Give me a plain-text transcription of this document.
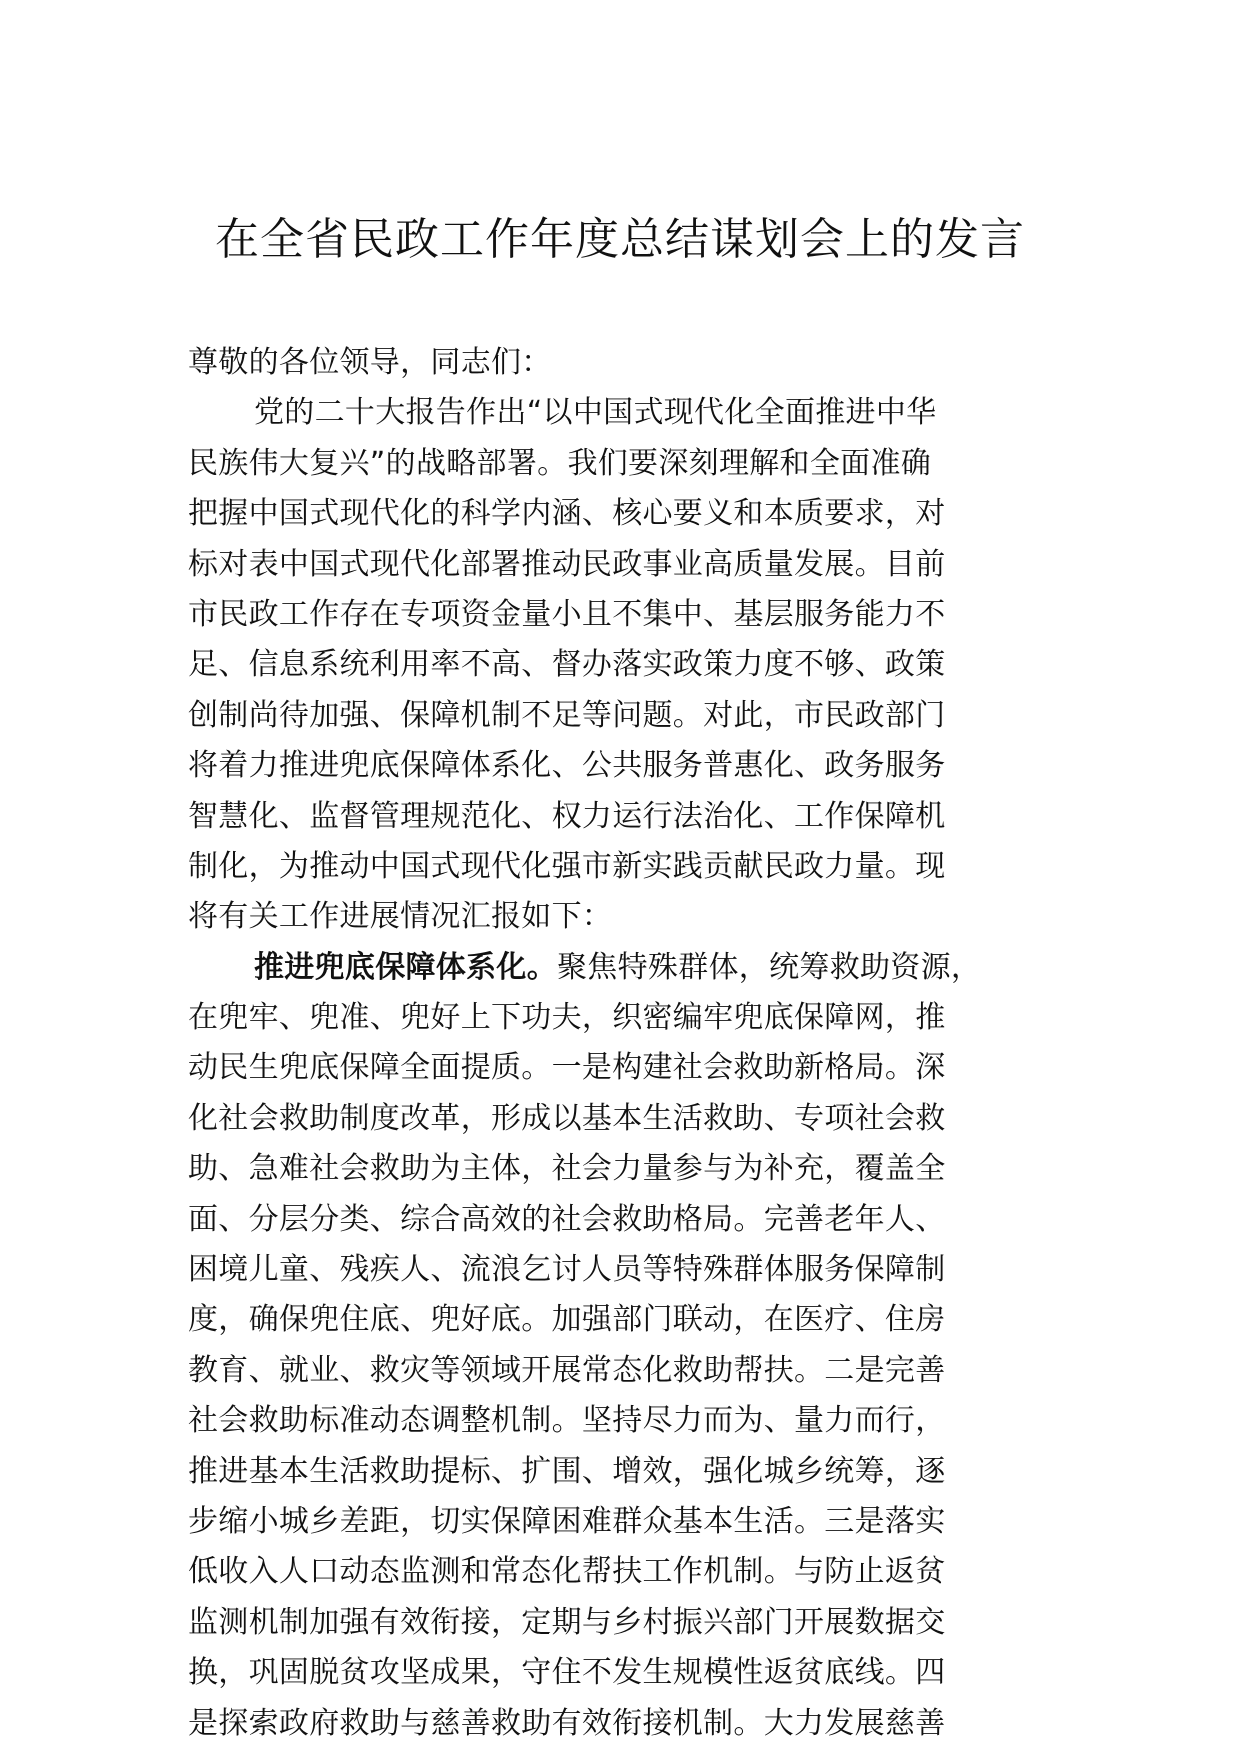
在全省民政工作年度总结谋划会上的发言
尊敬的各位领导，同志们：
党的二十大报告作出“以中国式现代化全面推进中华
民族伟大复兴”的战略部署。我们要深刻理解和全面准确
把握中国式现代化的科学内涵、核心要义和本质要求，对
标对表中国式现代化部署推动民政事业高质量发展。目前
市民政工作存在专项资金量小且不集中、基层服务能力不
足、信息系统利用率不高、督办落实政策力度不够、政策
创制尚待加强、保障机制不足等问题。对此，市民政部门
将着力推进兜底保障体系化、公共服务普惠化、政务服务
智慧化、监督管理规范化、权力运行法治化、工作保障机
制化，为推动中国式现代化强市新实践贡献民政力量。现
将有关工作进展情况汇报如下：
推进兜底保障体系化。聚焦特殊群体，统筹救助资源，
在兜牢、兜准、兜好上下功夫，织密编牢兜底保障网，推
动民生兜底保障全面提质。一是构建社会救助新格局。深
化社会救助制度改革，形成以基本生活救助、专项社会救
助、急难社会救助为主体，社会力量参与为补充，覆盖全
面、分层分类、综合高效的社会救助格局。完善老年人、
困境儿童、残疾人、流浪乞讨人员等特殊群体服务保障制
度，确保兜住底、兜好底。加强部门联动，在医疗、住房
教育、就业、救灾等领域开展常态化救助帮扶。二是完善
社会救助标准动态调整机制。坚持尽力而为、量力而行，
推进基本生活救助提标、扩围、增效，强化城乡统筹，逐
步缩小城乡差距，切实保障困难群众基本生活。三是落实
低收入人口动态监测和常态化帮扶工作机制。与防止返贫
监测机制加强有效衔接，定期与乡村振兴部门开展数据交
换，巩固脱贫攻坚成果，守住不发生规模性返贫底线。四
是探索政府救助与慈善救助有效衔接机制。大力发展慈善
